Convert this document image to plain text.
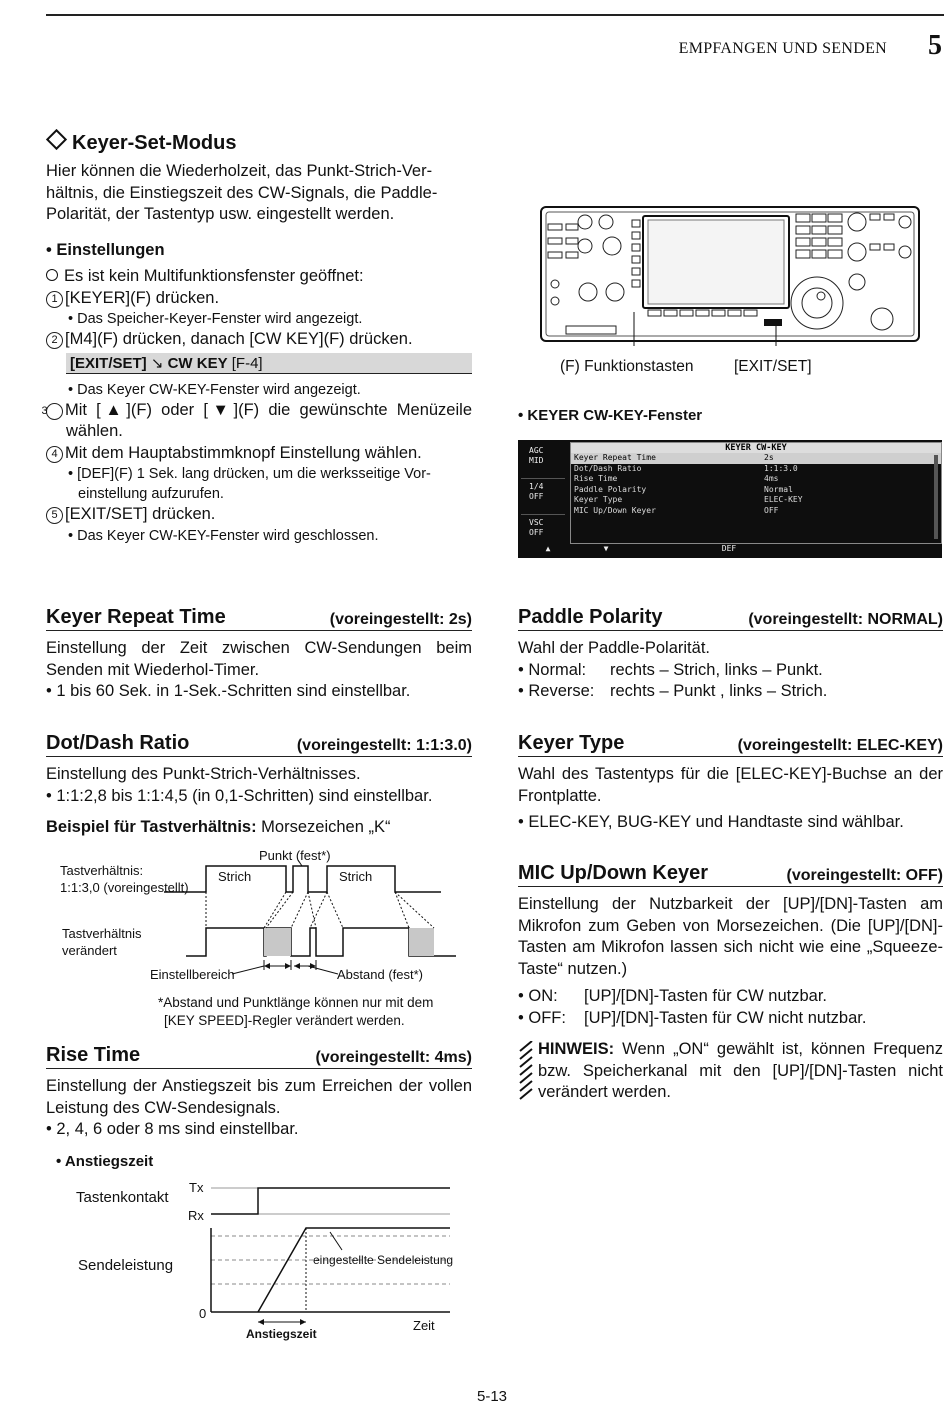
EMPFANGEN UND SENDEN 5
Keyer-Set-Modus

Hier können die Wiederholzeit, das Punkt-Strich-Verhältnis, die Einstiegszeit des CW-Signals, die Paddle-Polarität, der Tastentyp usw. eingestellt werden.

• Einstellungen

Es ist kein Multifunktionsfenster geöffnet:

1 [KEYER](F) drücken.

• Das Speicher-Keyer-Fenster wird angezeigt.

2 [M4](F) drücken, danach [CW KEY](F) drücken.

[EXIT/SET] ↘ CW KEY [F-4]

• Das Keyer CW-KEY-Fenster wird angezeigt.

3 Mit [▲](F) oder [▼](F) die gewünschte Menüzeile wählen.

4 Mit dem Hauptabstimmknopf Einstellung wählen.

• [DEF](F) 1 Sek. lang drücken, um die werksseitige Voreinstellung aufzurufen.

5 [EXIT/SET] drücken.

• Das Keyer CW-KEY-Fenster wird geschlossen.

(F) Funktionstasten	[EXIT/SET]
• KEYER CW-KEY-Fenster
AGC
MID
1/4
OFF
VSC
OFF
KEYER CW-KEY
Keyer Repeat Time	2s
Dot/Dash Ratio	1:1:3.0
Rise Time	4ms
Paddle Polarity	Normal
Keyer Type	ELEC-KEY
MIC Up/Down Keyer	OFF
▲	▼	DEF
Keyer Repeat Time	(voreingestellt: 2s)

Einstellung der Zeit zwischen CW-Sendungen beim Senden mit Wiederhol-Timer.

• 1 bis 60 Sek. in 1-Sek.-Schritten sind einstellbar.

Dot/Dash Ratio	(voreingestellt: 1:1:3.0)

Einstellung des Punkt-Strich-Verhältnisses.

• 1:1:2,8 bis 1:1:4,5 (in 0,1-Schritten) sind einstellbar.

Beispiel für Tastverhältnis: Morsezeichen „K“

Punkt (fest*)
Tastverhältnis:
1:1:3,0 (voreingestellt)
Strich	Strich
Tastverhältnis
verändert
Einstellbereich	Abstand (fest*)
*Abstand und Punktlänge können nur mit dem
[KEY SPEED]-Regler verändert werden.
Rise Time	(voreingestellt: 4ms)

Einstellung der Anstiegszeit bis zum Erreichen der vollen Leistung des CW-Sendesignals.

• 2, 4, 6 oder 8 ms sind einstellbar.

• Anstiegszeit

Tastenkontakt
Sendeleistung
Tx
Rx
0
eingestellte Sendeleistung
Anstiegszeit
Zeit
Paddle Polarity	(voreingestellt: NORMAL)

Wahl der Paddle-Polarität.

• Normal: rechts – Strich, links – Punkt.

• Reverse: rechts – Punkt , links – Strich.

Keyer Type	(voreingestellt: ELEC-KEY)

Wahl des Tastentyps für die [ELEC-KEY]-Buchse an der Frontplatte.

• ELEC-KEY, BUG-KEY und Handtaste sind wählbar.

MIC Up/Down Keyer	(voreingestellt: OFF)

Einstellung der Nutzbarkeit der [UP]/[DN]-Tasten am Mikrofon zum Geben von Morsezeichen. (Die [UP]/[DN]-Tasten am Mikrofon lassen sich nicht wie eine „Squeeze-Taste“ nutzen.)

• ON: [UP]/[DN]-Tasten für CW nutzbar.

• OFF: [UP]/[DN]-Tasten für CW nicht nutzbar.

HINWEIS: Wenn „ON“ gewählt ist, können Frequenz bzw. Speicherkanal mit den [UP]/[DN]-Tasten nicht verändert werden.

5-13
